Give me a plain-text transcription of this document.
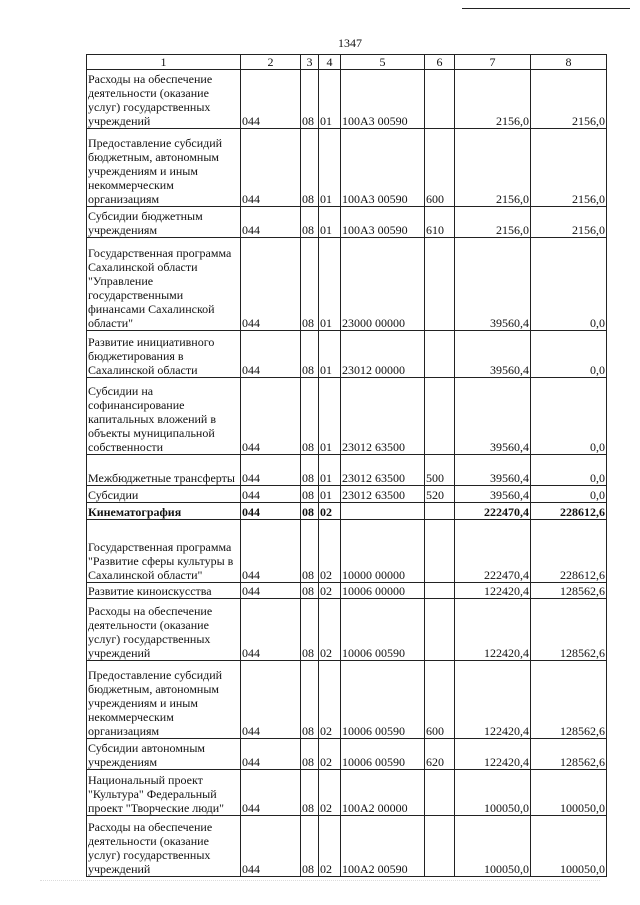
1347
1	2	3	4	5	6	7	8
Расходы на обеспечение деятельности (оказание услуг) государственных учреждений	044	08	01	100А3 00590		2156,0	2156,0
Предоставление субсидий бюджетным, автономным учреждениям и иным некоммерческим организациям	044	08	01	100А3 00590	600	2156,0	2156,0
Субсидии бюджетным учреждениям	044	08	01	100А3 00590	610	2156,0	2156,0
Государственная программа Сахалинской области "Управление государственными финансами Сахалинской области"	044	08	01	23000 00000		39560,4	0,0
Развитие инициативного бюджетирования в Сахалинской области	044	08	01	23012 00000		39560,4	0,0
Субсидии на софинансирование капитальных вложений в объекты муниципальной собственности	044	08	01	23012 63500		39560,4	0,0
Межбюджетные трансферты	044	08	01	23012 63500	500	39560,4	0,0
Субсидии	044	08	01	23012 63500	520	39560,4	0,0
Кинематография	044	08	02			222470,4	228612,6
Государственная программа "Развитие сферы культуры в Сахалинской области"	044	08	02	10000 00000		222470,4	228612,6
Развитие киноискусства	044	08	02	10006 00000		122420,4	128562,6
Расходы на обеспечение деятельности (оказание услуг) государственных учреждений	044	08	02	10006 00590		122420,4	128562,6
Предоставление субсидий бюджетным, автономным учреждениям и иным некоммерческим организациям	044	08	02	10006 00590	600	122420,4	128562,6
Субсидии автономным учреждениям	044	08	02	10006 00590	620	122420,4	128562,6
Национальный проект "Культура" Федеральный проект "Творческие люди"	044	08	02	100А2 00000		100050,0	100050,0
Расходы на обеспечение деятельности (оказание услуг) государственных учреждений	044	08	02	100А2 00590		100050,0	100050,0
